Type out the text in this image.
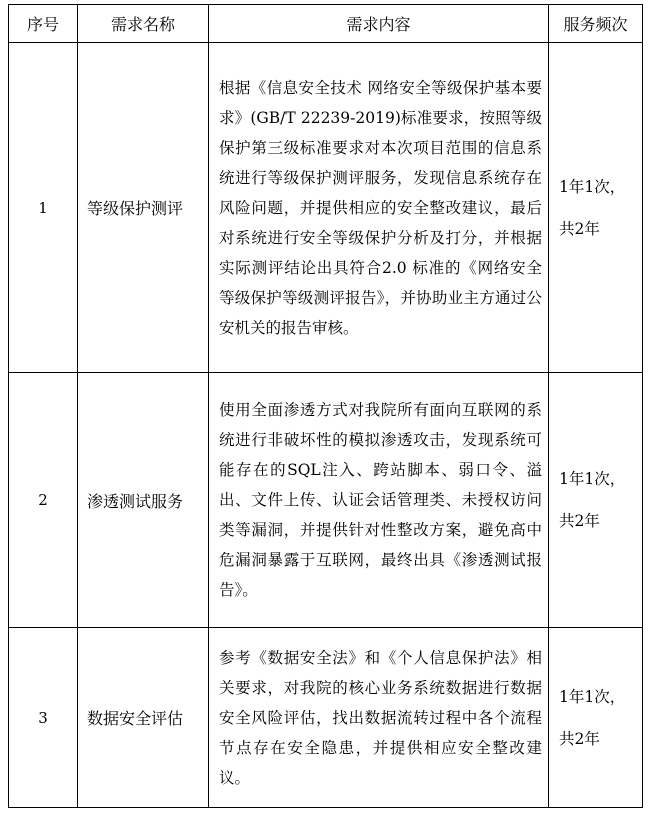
序号	需求名称	需求内容	服务频次
1	等级保护测评	根据《信息安全技术 网络安全等级保护基本要求》(GB/T 22239-2019)标准要求，按照等级保护第三级标准要求对本次项目范围的信息系统进行等级保护测评服务，发现信息系统存在风险问题，并提供相应的安全整改建议，最后对系统进行安全等级保护分析及打分，并根据实际测评结论出具符合2.0 标准的《网络安全等级保护等级测评报告》，并协助业主方通过公安机关的报告审核。	1年1次，
共2年

2	渗透测试服务	使用全面渗透方式对我院所有面向互联网的系统进行非破坏性的模拟渗透攻击，发现系统可能存在的SQL注入、跨站脚本、弱口令、溢出、文件上传、认证会话管理类、未授权访问类等漏洞，并提供针对性整改方案，避免高中危漏洞暴露于互联网，最终出具《渗透测试报告》。	1年1次，
共2年

3	数据安全评估	参考《数据安全法》和《个人信息保护法》相关要求，对我院的核心业务系统数据进行数据安全风险评估，找出数据流转过程中各个流程节点存在安全隐患，并提供相应安全整改建议。	1年1次，
共2年
